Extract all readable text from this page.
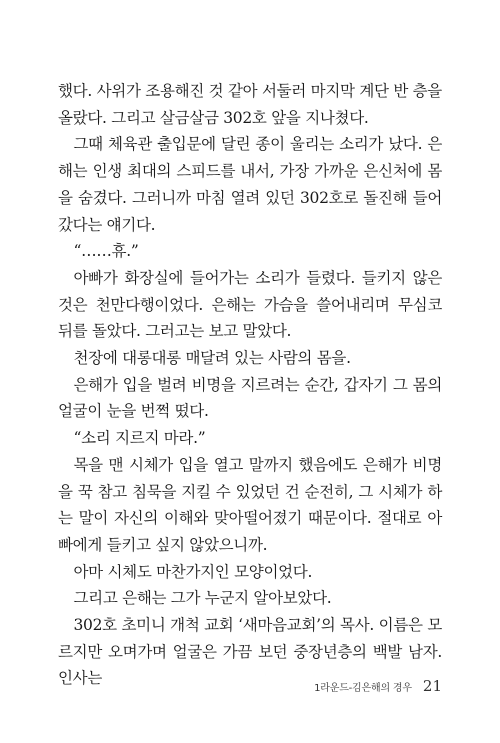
했다. 사위가 조용해진 것 같아 서둘러 마지막 계단 반 층을 올랐다. 그리고 살금살금 302호 앞을 지나쳤다.

그때 체육관 출입문에 달린 종이 울리는 소리가 났다. 은해는 인생 최대의 스피드를 내서, 가장 가까운 은신처에 몸을 숨겼다. 그러니까 마침 열려 있던 302호로 돌진해 들어갔다는 얘기다.

“……휴.”

아빠가 화장실에 들어가는 소리가 들렸다. 들키지 않은 것은 천만다행이었다. 은해는 가슴을 쓸어내리며 무심코 뒤를 돌았다. 그러고는 보고 말았다.

천장에 대롱대롱 매달려 있는 사람의 몸을.

은해가 입을 벌려 비명을 지르려는 순간, 갑자기 그 몸의 얼굴이 눈을 번쩍 떴다.

“소리 지르지 마라.”

목을 맨 시체가 입을 열고 말까지 했음에도 은해가 비명을 꾹 참고 침묵을 지킬 수 있었던 건 순전히, 그 시체가 하는 말이 자신의 이해와 맞아떨어졌기 때문이다. 절대로 아빠에게 들키고 싶지 않았으니까.

아마 시체도 마찬가지인 모양이었다.

그리고 은해는 그가 누군지 알아보았다.

302호 초미니 개척 교회 ‘새마음교회’의 목사. 이름은 모르지만 오며가며 얼굴은 가끔 보던 중장년층의 백발 남자. 인사는

1라운드-김은해의 경우 21
